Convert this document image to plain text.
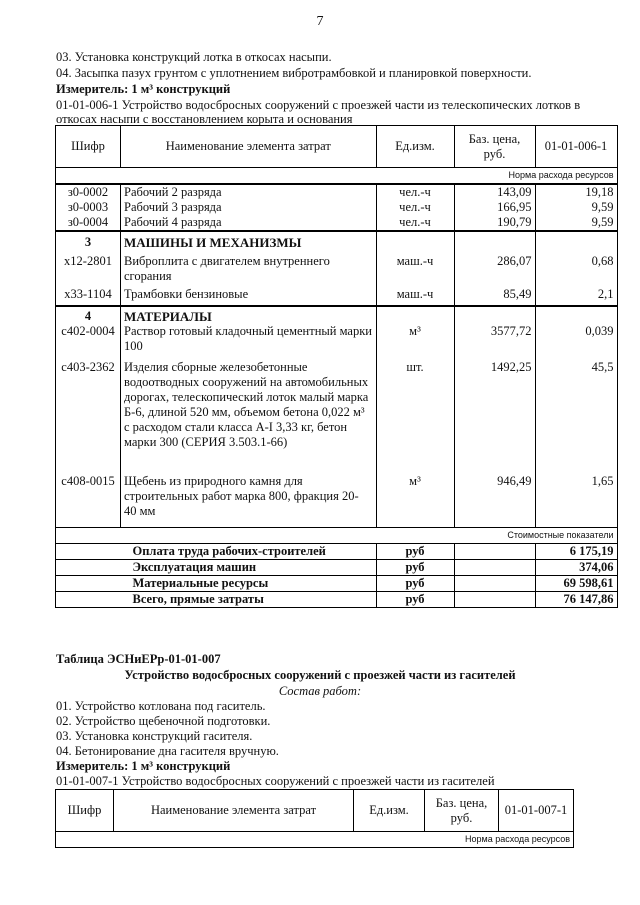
7
03. Установка конструкций лотка в откосах насыпи.
04. Засыпка пазух грунтом с уплотнением вибротрамбовкой и планировкой поверхности.
Измеритель: 1 м³ конструкций
01-01-006-1 Устройство водосбросных сооружений с проезжей части из телескопических лотков в
откосах насыпи с восстановлением корыта и основания
Шифр	Наименование элемента затрат	Ед.изм.	Баз. цена, руб.	01-01-006-1
Норма расхода ресурсов				
з0-0002	Рабочий 2 разряда	чел.-ч	143,09	19,18
з0-0003	Рабочий 3 разряда	чел.-ч	166,95	9,59
з0-0004	Рабочий 4 разряда	чел.-ч	190,79	9,59
3	МАШИНЫ И МЕХАНИЗМЫ			
х12-2801	Виброплита с двигателем внутреннего сгорания	маш.-ч	286,07	0,68
х33-1104	Трамбовки бензиновые	маш.-ч	85,49	2,1
4	МАТЕРИАЛЫ			
с402-0004	Раствор готовый кладочный цементный марки 100	м³	3577,72	0,039
с403-2362	Изделия сборные железобетонные водоотводных сооружений на автомобильных дорогах, телескопический лоток малый марка Б-6, длиной 520 мм, объемом бетона 0,022 м³ с расходом стали класса А-I 3,33 кг, бетон марки 300 (СЕРИЯ 3.503.1-66)	шт.	1492,25	45,5
с408-0015	Щебень из природного камня для строительных работ марка 800, фракция 20-40 мм	м³	946,49	1,65
Стоимостные показатели				
	Оплата труда рабочих-строителей	руб		6 175,19
	Эксплуатация машин	руб		374,06
	Материальные ресурсы	руб		69 598,61
	Всего, прямые затраты	руб		76 147,86
Таблица ЭСНиЕРр-01-01-007
Устройство водосбросных сооружений с проезжей части из гасителей
Состав работ:
01. Устройство котлована под гаситель.
02. Устройство щебеночной подготовки.
03. Установка конструкций гасителя.
04. Бетонирование дна гасителя вручную.
Измеритель: 1 м³ конструкций
01-01-007-1 Устройство водосбросных сооружений с проезжей части из гасителей
Шифр	Наименование элемента затрат	Ед.изм.	Баз. цена, руб.	01-01-007-1
Норма расхода ресурсов
